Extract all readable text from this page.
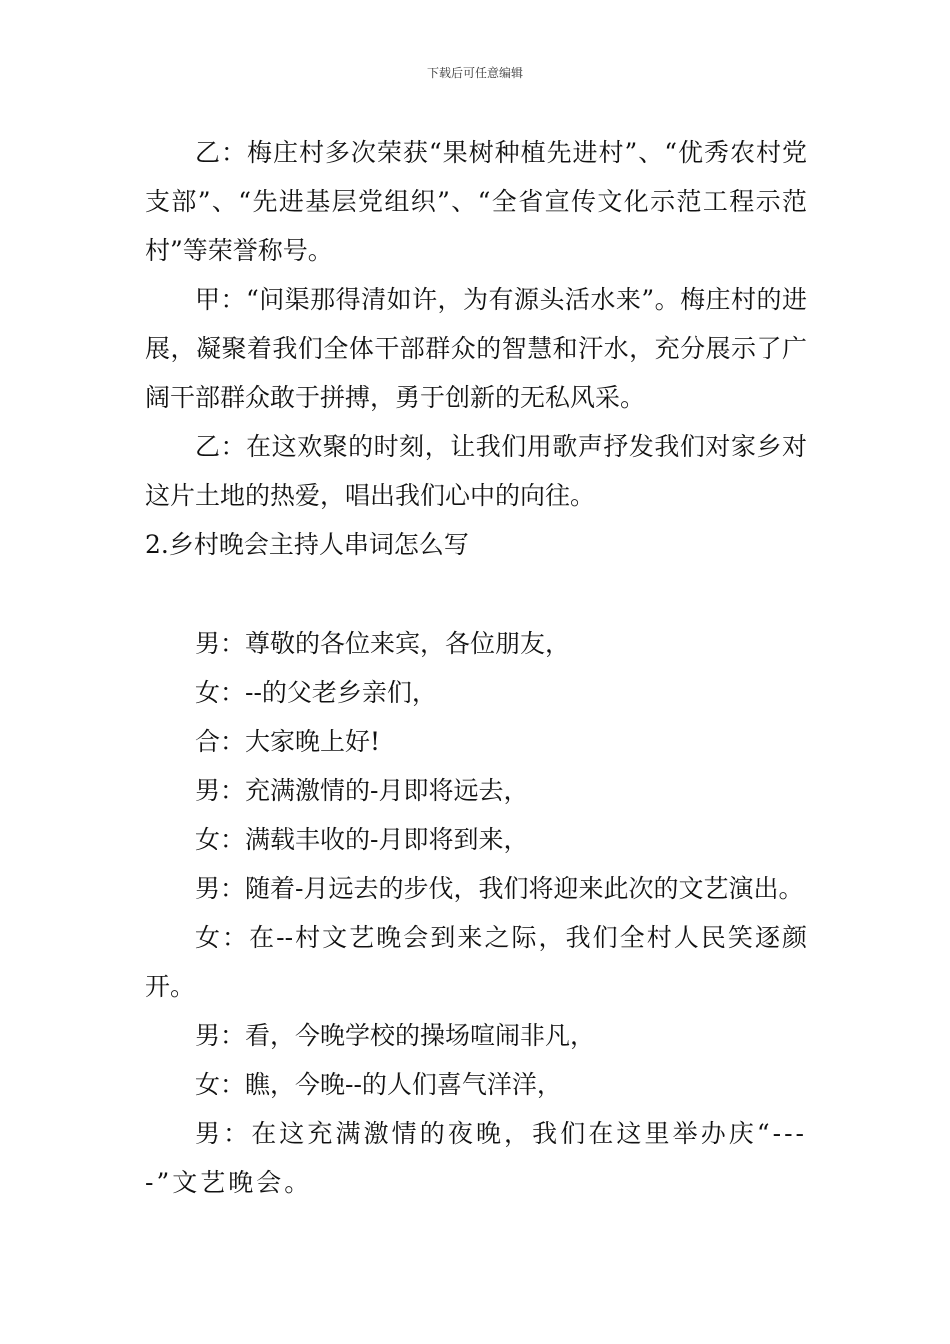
下载后可任意编辑

乙：梅庄村多次荣获“果树种植先进村”、“优秀农村党支部”、“先进基层党组织”、“全省宣传文化示范工程示范村”等荣誉称号。

甲：“问渠那得清如许，为有源头活水来”。梅庄村的进展，凝聚着我们全体干部群众的智慧和汗水，充分展示了广阔干部群众敢于拼搏，勇于创新的无私风采。

乙：在这欢聚的时刻，让我们用歌声抒发我们对家乡对这片土地的热爱，唱出我们心中的向往。

2.乡村晚会主持人串词怎么写

男：尊敬的各位来宾，各位朋友，

女：--的父老乡亲们，

合：大家晚上好!

男：充满激情的-月即将远去，

女：满载丰收的-月即将到来，

男：随着-月远去的步伐，我们将迎来此次的文艺演出。

女：在--村文艺晚会到来之际，我们全村人民笑逐颜开。

男：看，今晚学校的操场喧闹非凡，

女：瞧，今晚--的人们喜气洋洋，

男：在这充满激情的夜晚，我们在这里举办庆“----”文艺晚会。
